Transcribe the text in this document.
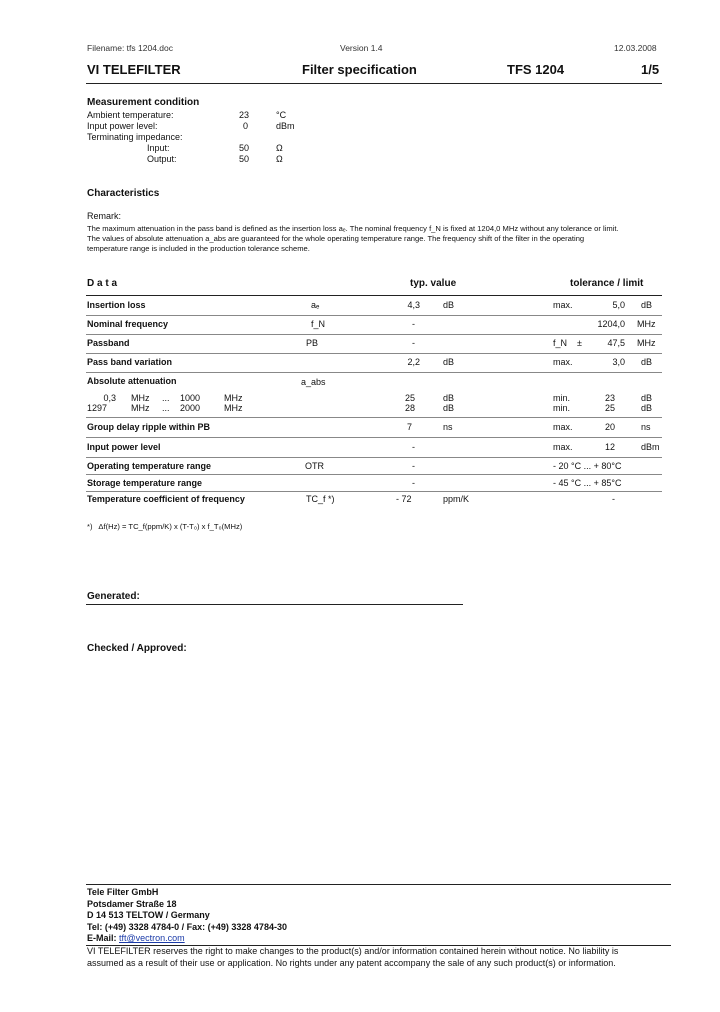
Filename: tfs 1204.doc	Version 1.4	12.03.2008
VI TELEFILTER	Filter specification	TFS 1204	1/5
Measurement condition
Ambient temperature:	23	°C
Input power level:	0	dBm
Terminating impedance:
Input:	50	Ω
Output:	50	Ω
Characteristics
Remark:
The maximum attenuation in the pass band is defined as the insertion loss aₑ. The nominal frequency f_N is fixed at 1204,0 MHz without any tolerance or limit.
The values of absolute attenuation a_abs are guaranteed for the whole operating temperature range. The frequency shift of the filter in the operating
temperature range is included in the production tolerance scheme.
D a t a	typ. value	tolerance / limit
Insertion loss	aₑ	4,3	dB	max.	5,0 dB
Nominal frequency	f_N	-	1204,0 MHz
Passband	PB	-	f_N    ±	47,5 MHz
Pass band variation	2,2	dB	max.	3,0 dB
Absolute attenuation	a_abs
0,3 MHz ... 1000	MHz	25	dB	min.	23	dB
1297	MHz ... 2000	MHz	28	dB	min.	25	dB
Group delay ripple within PB	7	ns	max.	20	ns
Input power level	-	max.	12	dBm
Operating temperature range	OTR	-	- 20 °C ... + 80°C
Storage temperature range	-	- 45 °C ... + 85°C
Temperature coefficient of frequency	TC_f *)	- 72	ppm/K	-
*)   Δf(Hz) = TC_f(ppm/K) x (T-T₀) x f_T₀(MHz)
Generated:
Checked / Approved:
Tele Filter GmbH
Potsdamer Straße 18
D 14 513 TELTOW / Germany
Tel: (+49) 3328 4784-0 / Fax: (+49) 3328 4784-30
E-Mail: tft@vectron.com
VI TELEFILTER reserves the right to make changes to the product(s) and/or information contained herein without notice. No liability is
assumed as a result of their use or application. No rights under any patent accompany the sale of any such product(s) or information.
